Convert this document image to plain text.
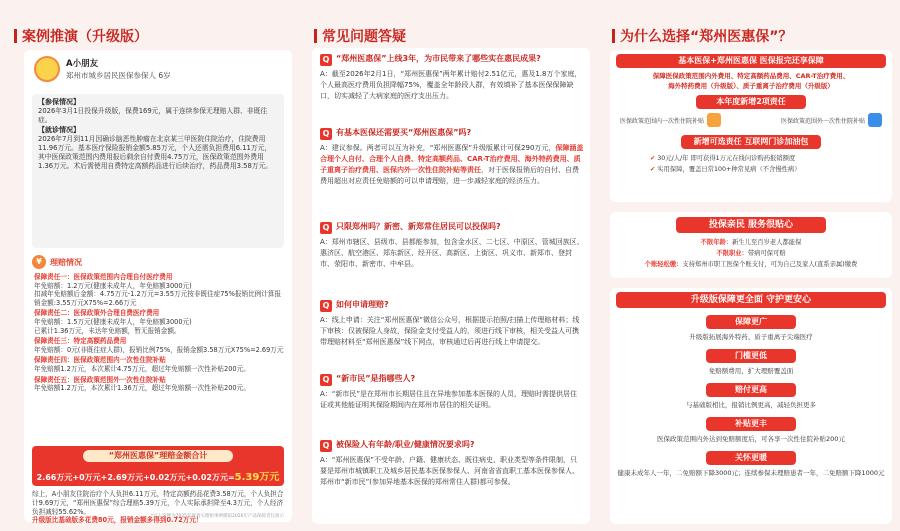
案例推演（升级版）
A小朋友
郑州市城乡居民医保参保人 6岁
【参保情况】
2026年3月1日投保升级版，保费169元，属于连续参保无理赔人群、非既往症。
【就诊情况】
2026年7月到11月因确诊脑恶性肿瘤在北京某三甲医院住院治疗，住院费用11.96万元。基本医疗保险报销金额5.85万元，个人还需负担费用6.11万元，其中医保政策范围内费用报后剩余自付费用4.75万元，医保政策范围外费用1.36万元。术后需使用自费特定高额药品进行后续治疗，药品费用3.58万元。
¥	理赔情况
保障责任一：医保政策范围内合理自付医疗费用
年免赔额：1.2万元(健康未成年人，年免赔额3000元)
扣减年免赔额后金额：4.75万元-1.2万元=3.55万元按非既往症75%报销比例计算报销金额:3.55万元X75%=2.66万元
保障责任二：医保政策外合理自费医疗费用
年免赔额：1.5万元(健康未成年人，年免赔额3000元)
已累计1.36万元，未达年免赔额，暂无报销金额。
保障责任三：特定高额药品费用
年免赔额：0元(非既往症人群)，报销比例75%，报销金额3.58万元X75%=2.69万元
保障责任四：医保政策范围内一次性住院补贴
年免赔额1.2万元，本次累计4.75万元，超过年免赔额一次性补贴200元。
保障责任五：医保政策范围外一次性住院补贴
年免赔额1.2万元，本次累计1.36万元，超过年免赔额一次性补贴200元。
“郑州医惠保”理赔金额合计
2.66万元+0万元+2.69万元+0.02万元+0.02万元=5.39万元
综上，A小朋友住院治疗个人负担6.11万元，特定高额药品花费3.58万元，个人负担合计9.69万元，“郑州医惠保”综合理赔5.39万元，个人实际承担降至4.3万元，个人经济负担减轻55.62%。
升级版比基础版多花费80元，报销金额多得到0.72万元！
*以上案例为2025年度真实理赔事例模拟2026年产品保障责任演示
常见问题答疑
Q “郑州医惠保”上线3年，为市民带来了哪些实在惠民成果?
A：截至2026年2月1日，“郑州医惠保”两年累计赔付2.51亿元，惠及1.8万个家庭，个人最高医疗费用负担降幅75%，覆盖全年龄段人群，有效填补了基本医保保障缺口，切实减轻了大病家庭的医疗支出压力。
Q 有基本医保还需要买“郑州医惠保”吗?
A：建议参保。两者可以互为补充，“郑州医惠保”升级版累计可保290万元，保障涵盖合理个人自付、合理个人自费、特定高额药品、CAR-T治疗费用、海外特药费用、质子重离子治疗费用、医保内外一次性住院补贴等责任，对于医保报销后的自付、自费费用超出对应责任免赔额的可以申请理赔，进一步减轻家庭的经济压力。
Q 只限郑州吗？新密、新郑常住居民可以投保吗?
A：郑州市辖区、县级市、县都能参加，包含金水区、二七区、中原区、管城回族区、惠济区、航空港区、郑东新区、经开区、高新区、上街区、巩义市、新郑市、登封市、荥阳市、新密市、中牟县。
Q 如何申请理赔?
A：线上申请：关注“郑州医惠保”微信公众号，根据提示拍照/扫描上传理赔材料；线下审核：仅被保险人身故，保险金支付受益人的，须进行线下审核，相关受益人可携带理赔材料至“郑州医惠保”线下网点，审核通过后再进行线上申请提交。
Q “新市民”是指哪些人?
A：“新市民”是在郑州市长期居住且在异地参加基本医保的人员，理赔时需提供居住证或其他能证明其保险期间内在郑州市居住的相关证明。
Q 被保险人有年龄/职业/健康情况要求吗?
A：“郑州医惠保”不受年龄、户籍、健康状态、既往病史、职业类型等条件限制，只要是郑州市城镇职工及城乡居民基本医保参保人、河南省省直职工基本医保参保人、郑州市“新市民”(参加异地基本医保的郑州常住人群)都可参保。
为什么选择“郑州医惠保”？
基本医保+郑州医惠保 医保报完还享保障
保障医保政策范围内外费用、特定高额药品费用、CAR-T治疗费用、
海外特药费用（升级版）、质子重离子治疗费用（升级版）
本年度新增2项责任
医保政策范围内一次性住院补贴	医保政策范围外一次性住院补贴
新增可选责任 互联网门诊加油包
✔ 30元/人/年 即可获得1万元在线问诊购药报销额度
✔ 实用保障，覆盖日常100+种常见病（不含慢性病）
投保亲民 服务很贴心
不限年龄：新生儿至百岁老人都能保
不限职业：带病可保可赔
个账轻松缴：支持郑州市职工医保个账支付，可为自己及家人(直系亲属)缴费
升级版保障更全面 守护更安心
保障更广
升级版拓展海外特药、质子重离子尖端医疗
门槛更低
免赔额费用，扩大理赔覆盖面
赔付更高
与基础版相比，报销比例更高，减轻负担更多
补贴更丰
医保政策范围内外达到免赔额度后，可各享一次性住院补贴200元
关怀更暖
健康未成年人一年，二免赔额下降3000元；连续参保未理赔患者一年，二免赔额下降1000元
